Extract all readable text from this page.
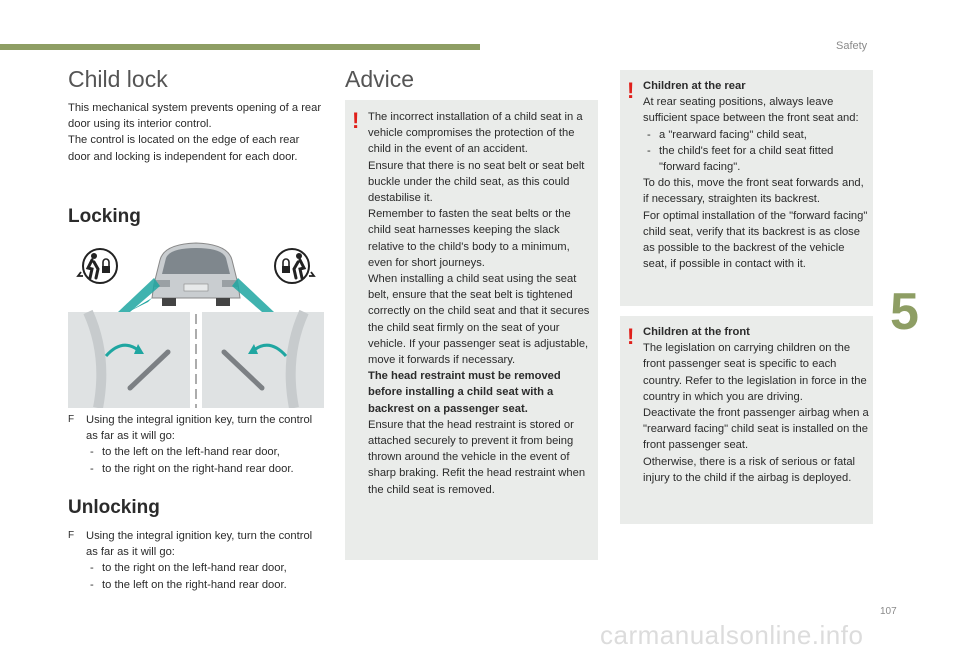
Safety
5
107
carmanualsonline.info
Child lock

This mechanical system prevents opening of a rear door using its interior control.

The control is located on the edge of each rear door and locking is independent for each door.

Locking
F Using the integral ignition key, turn the control as far as it will go:
- to the left on the left-hand rear door,
- to the right on the right-hand rear door.
Unlocking
F Using the integral ignition key, turn the control as far as it will go:
- to the right on the left-hand rear door,
- to the left on the right-hand rear door.
Advice
! The incorrect installation of a child seat in a vehicle compromises the protection of the child in the event of an accident.

Ensure that there is no seat belt or seat belt buckle under the child seat, as this could destabilise it.

Remember to fasten the seat belts or the child seat harnesses keeping the slack relative to the child's body to a minimum, even for short journeys.

When installing a child seat using the seat belt, ensure that the seat belt is tightened correctly on the child seat and that it secures the child seat firmly on the seat of your vehicle. If your passenger seat is adjustable, move it forwards if necessary.

The head restraint must be removed before installing a child seat with a backrest on a passenger seat.

Ensure that the head restraint is stored or attached securely to prevent it from being thrown around the vehicle in the event of sharp braking. Refit the head restraint when the child seat is removed.

! Children at the rear

At rear seating positions, always leave sufficient space between the front seat and:

- a "rearward facing" child seat,
- the child's feet for a child seat fitted "forward facing".

To do this, move the front seat forwards and, if necessary, straighten its backrest.

For optimal installation of the "forward facing" child seat, verify that its backrest is as close as possible to the backrest of the vehicle seat, if possible in contact with it.

! Children at the front

The legislation on carrying children on the front passenger seat is specific to each country. Refer to the legislation in force in the country in which you are driving.

Deactivate the front passenger airbag when a "rearward facing" child seat is installed on the front passenger seat.

Otherwise, there is a risk of serious or fatal injury to the child if the airbag is deployed.
